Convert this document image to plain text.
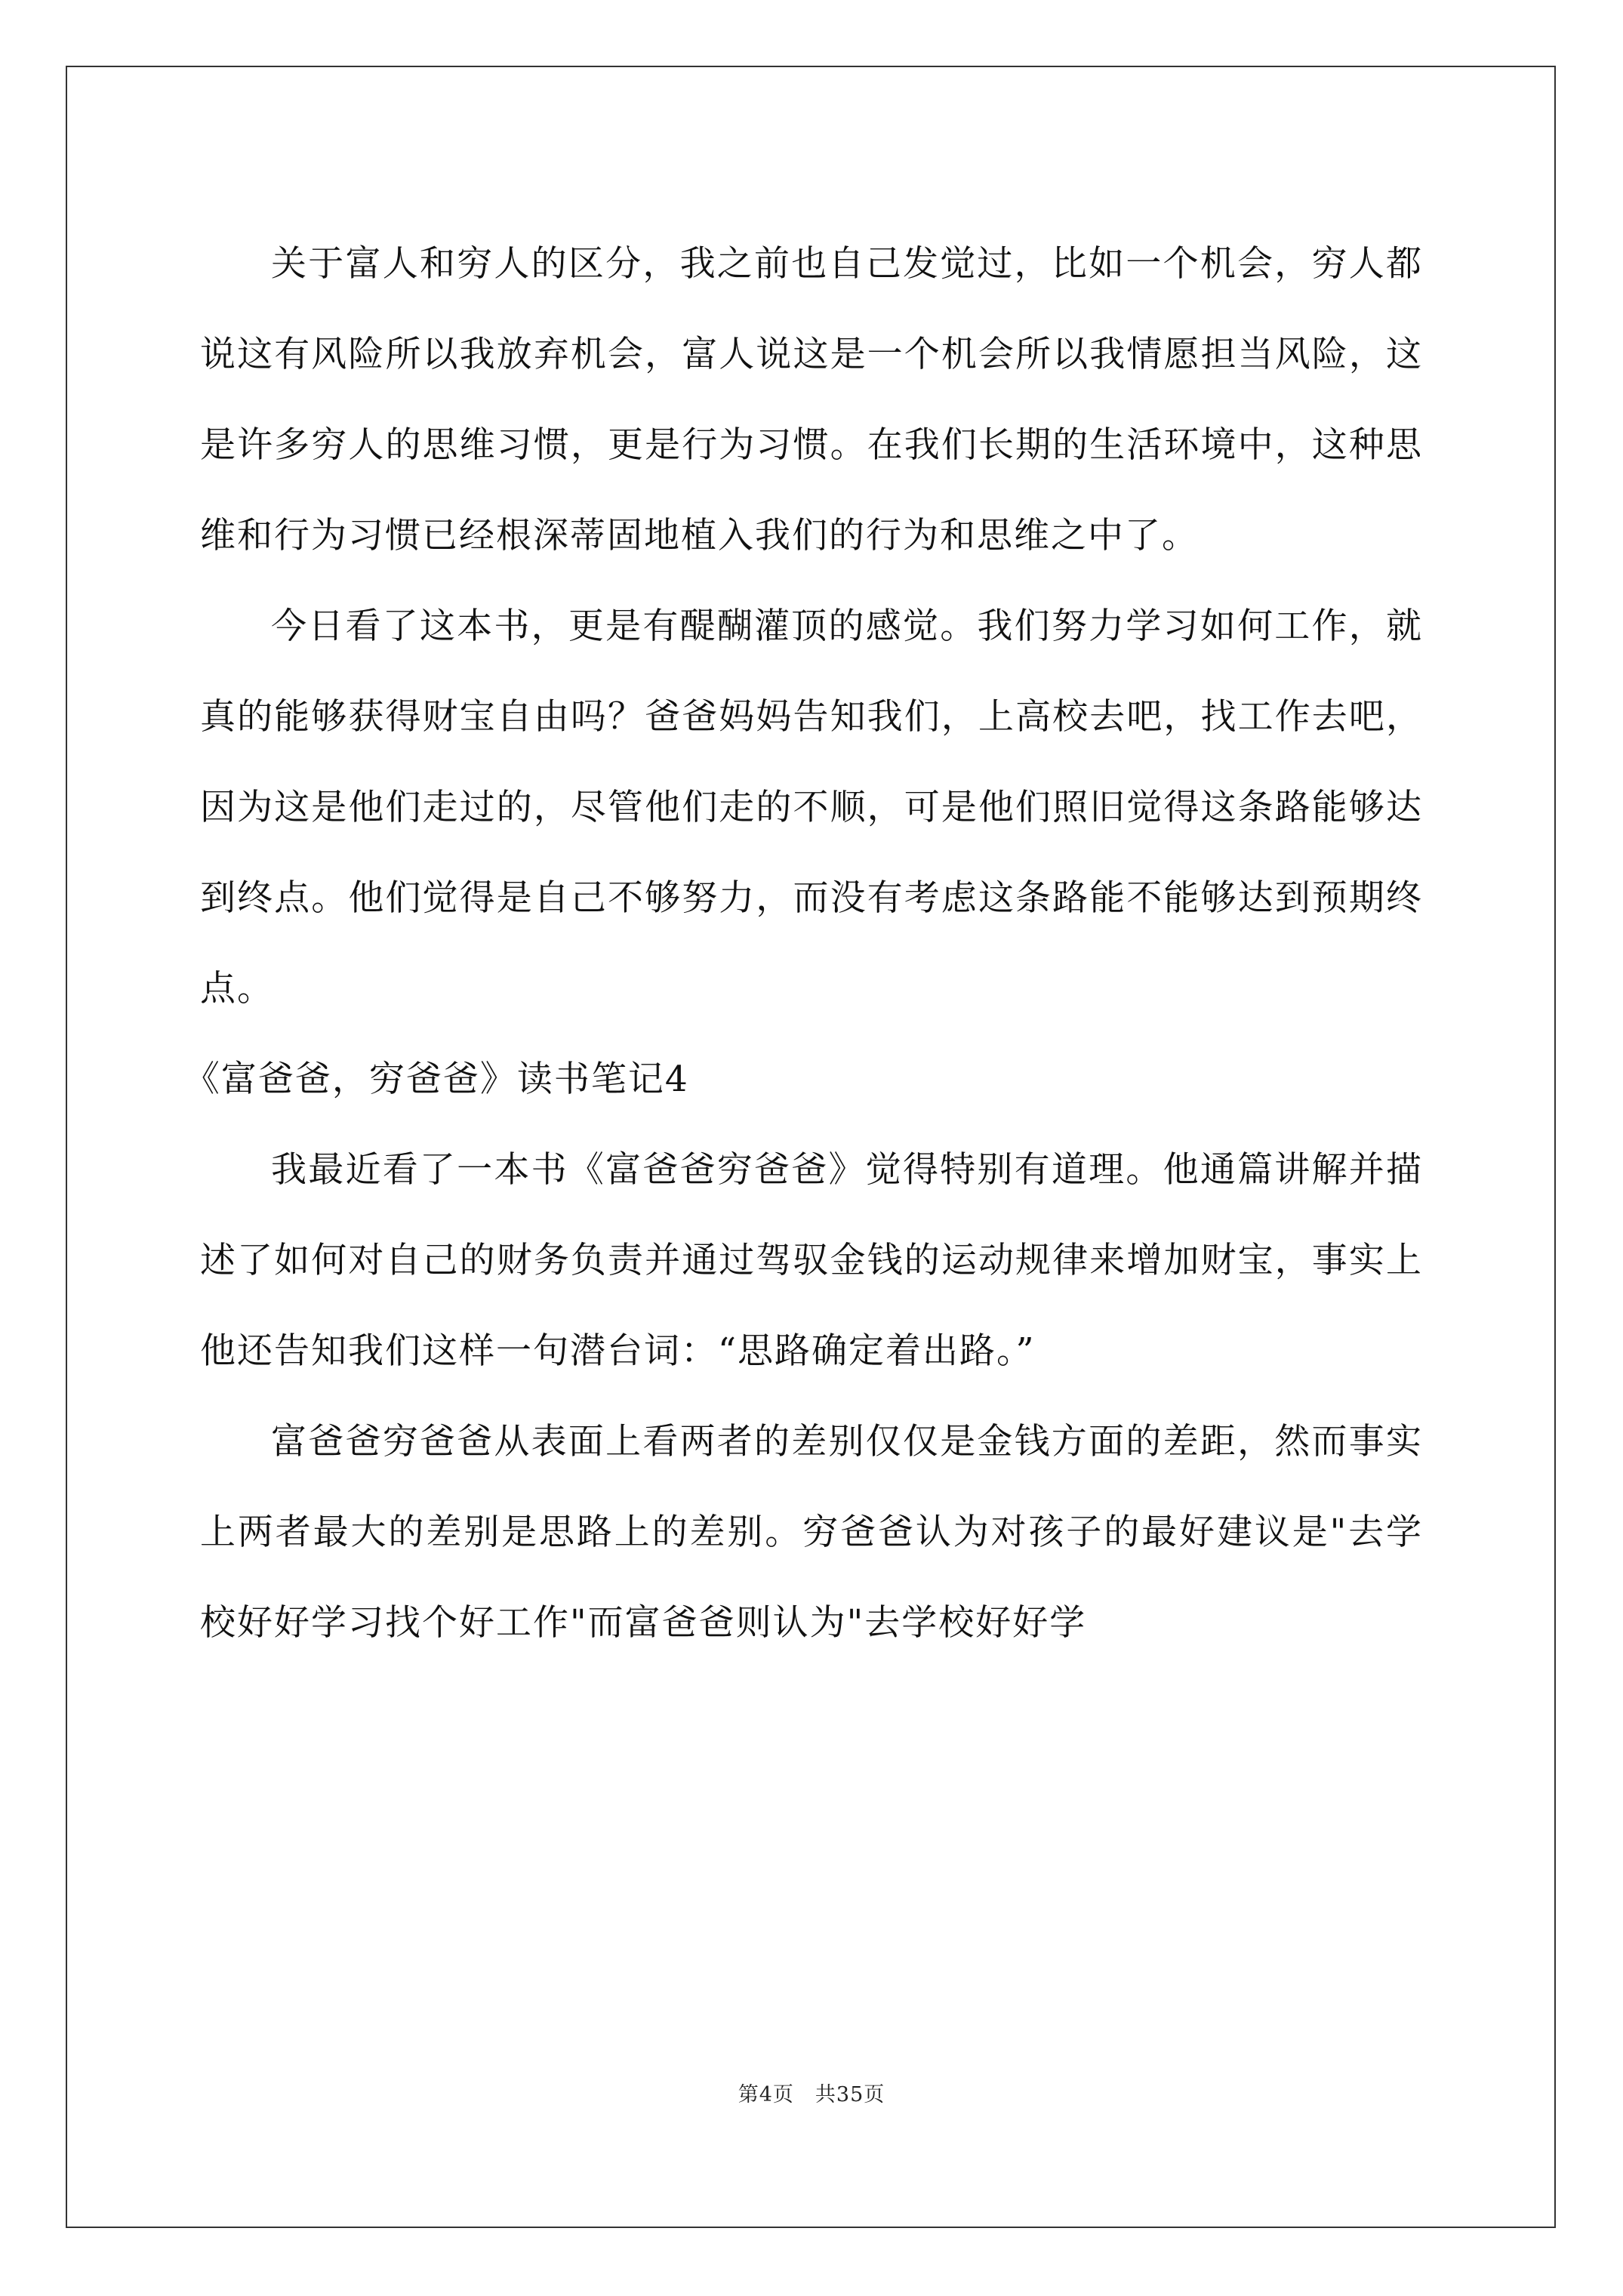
关于富人和穷人的区分，我之前也自己发觉过，比如一个机会，穷人都说这有风险所以我放弃机会，富人说这是一个机会所以我情愿担当风险，这是许多穷人的思维习惯，更是行为习惯。在我们长期的生活环境中，这种思维和行为习惯已经根深蒂固地植入我们的行为和思维之中了。

今日看了这本书，更是有醍醐灌顶的感觉。我们努力学习如何工作，就真的能够获得财宝自由吗？爸爸妈妈告知我们，上高校去吧，找工作去吧，因为这是他们走过的，尽管他们走的不顺，可是他们照旧觉得这条路能够达到终点。他们觉得是自己不够努力，而没有考虑这条路能不能够达到预期终点。

《富爸爸，穷爸爸》读书笔记4

我最近看了一本书《富爸爸穷爸爸》觉得特别有道理。他通篇讲解并描述了如何对自己的财务负责并通过驾驭金钱的运动规律来增加财宝，事实上他还告知我们这样一句潜台词：“思路确定着出路。”

富爸爸穷爸爸从表面上看两者的差别仅仅是金钱方面的差距，然而事实上两者最大的差别是思路上的差别。穷爸爸认为对孩子的最好建议是"去学校好好学习找个好工作"而富爸爸则认为"去学校好好学

第4页　共35页
